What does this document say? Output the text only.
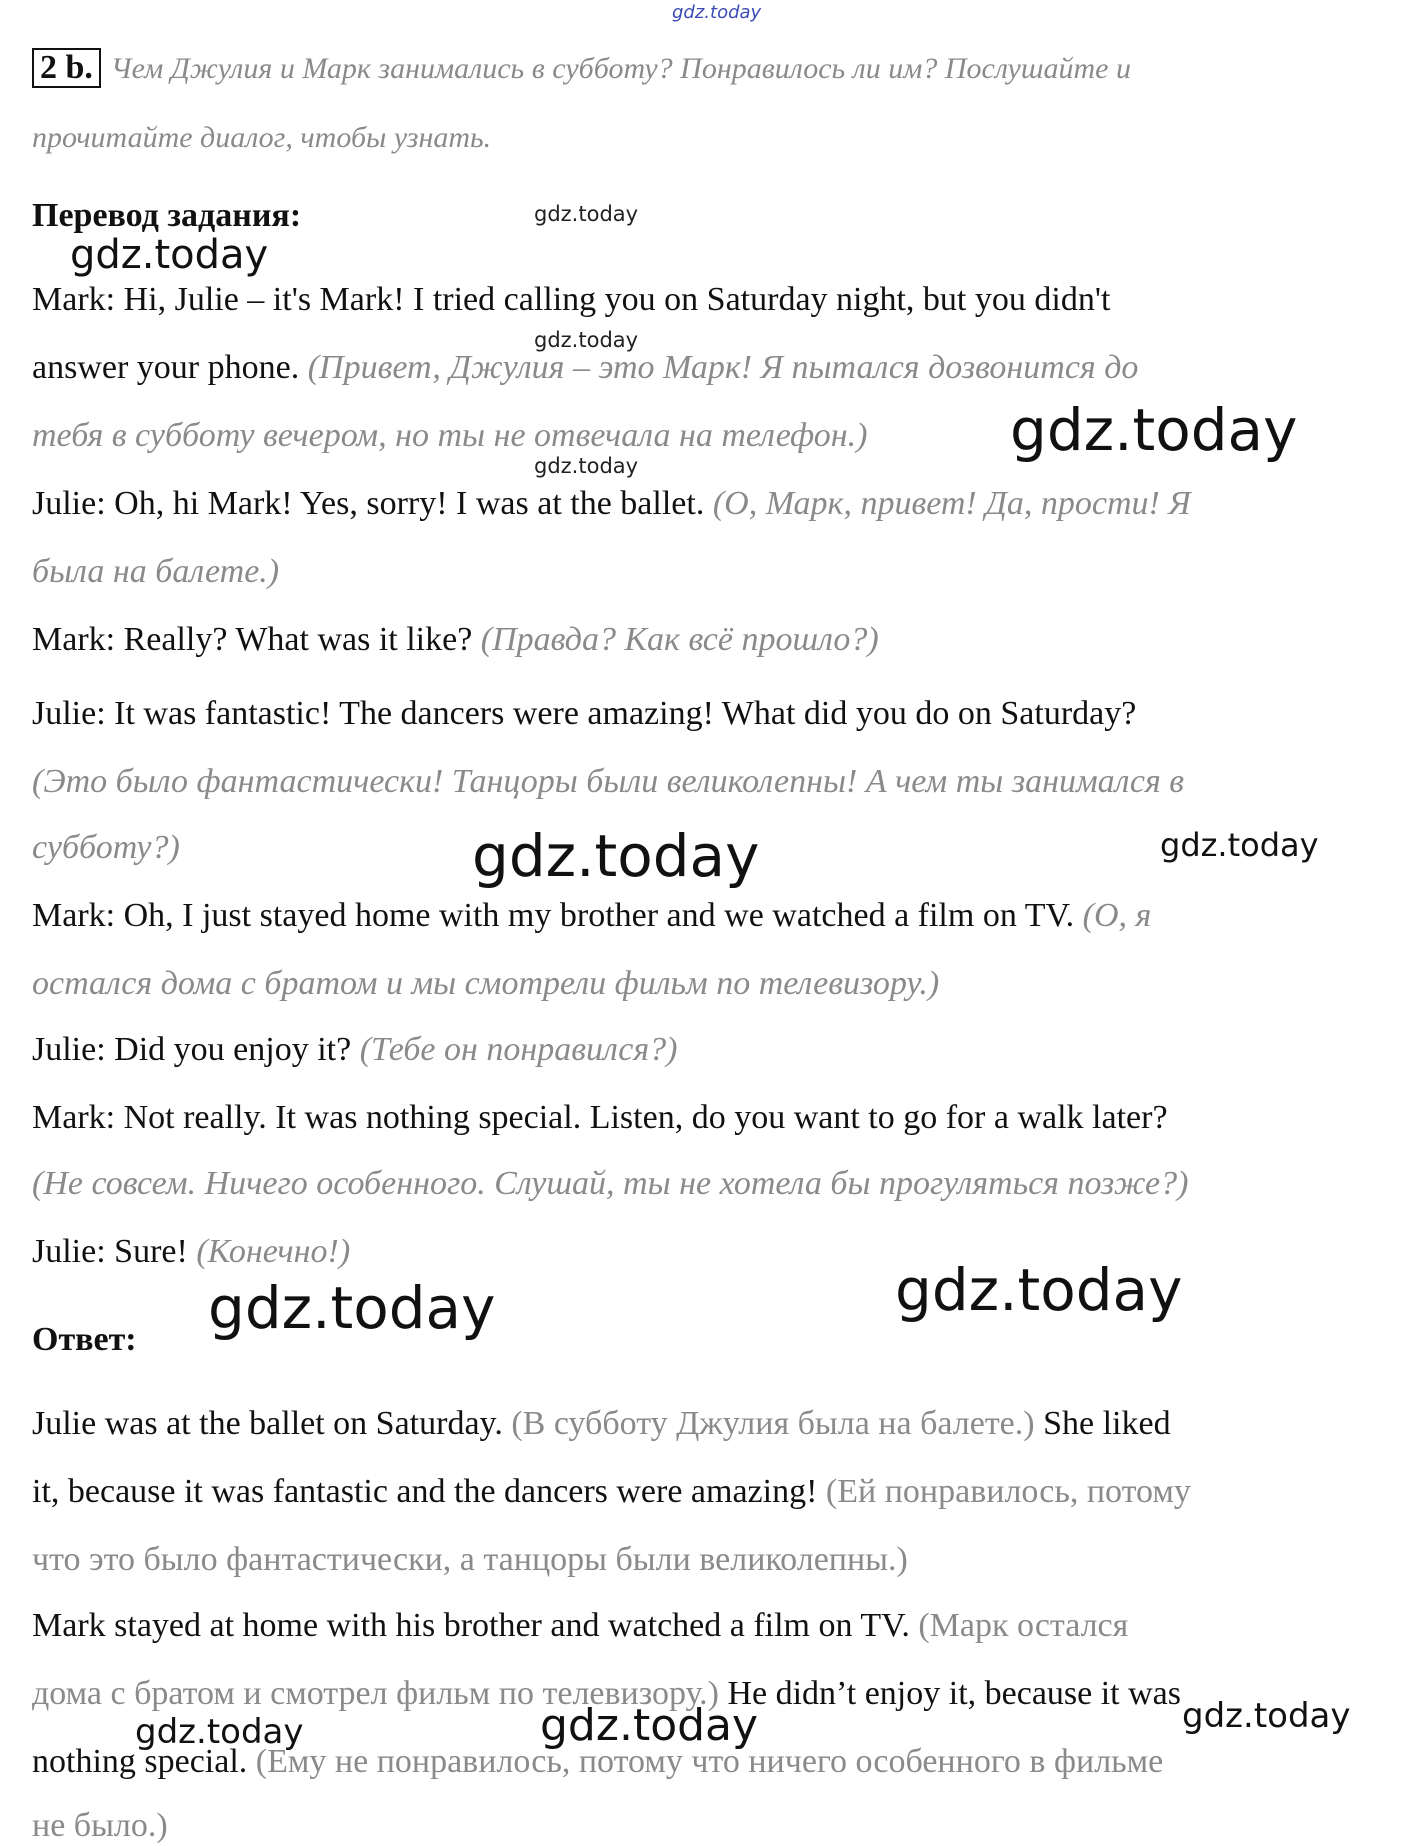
gdz.today
2 b. Чем Джулия и Марк занимались в субботу? Понравилось ли им? Послушайте и
прочитайте диалог, чтобы узнать.
Перевод задания:
Mark: Hi, Julie – it's Mark! I tried calling you on Saturday night, but you didn't
answer your phone. (Привет, Джулия – это Марк! Я пытался дозвонится до
тебя в субботу вечером, но ты не отвечала на телефон.)
Julie: Oh, hi Mark! Yes, sorry! I was at the ballet. (О, Марк, привет! Да, прости! Я
была на балете.)
Mark: Really? What was it like? (Правда? Как всё прошло?)
Julie: It was fantastic! The dancers were amazing! What did you do on Saturday?
(Это было фантастически! Танцоры были великолепны! А чем ты занимался в
субботу?)
Mark: Oh, I just stayed home with my brother and we watched a film on TV. (О, я
остался дома с братом и мы смотрели фильм по телевизору.)
Julie: Did you enjoy it? (Тебе он понравился?)
Mark: Not really. It was nothing special. Listen, do you want to go for a walk later?
(Не совсем. Ничего особенного. Слушай, ты не хотела бы прогуляться позже?)
Julie: Sure! (Конечно!)
Ответ:
Julie was at the ballet on Saturday. (В субботу Джулия была на балете.) She liked
it, because it was fantastic and the dancers were amazing! (Ей понравилось, потому
что это было фантастически, а танцоры были великолепны.)
Mark stayed at home with his brother and watched a film on TV. (Марк остался
дома с братом и смотрел фильм по телевизору.) He didn’t enjoy it, because it was
nothing special. (Ему не понравилось, потому что ничего особенного в фильме
не было.)
gdz.today
gdz.today
gdz.today
gdz.today
gdz.today
gdz.today	gdz.today
gdz.today
gdz.today
gdz.today	gdz.today	gdz.today
